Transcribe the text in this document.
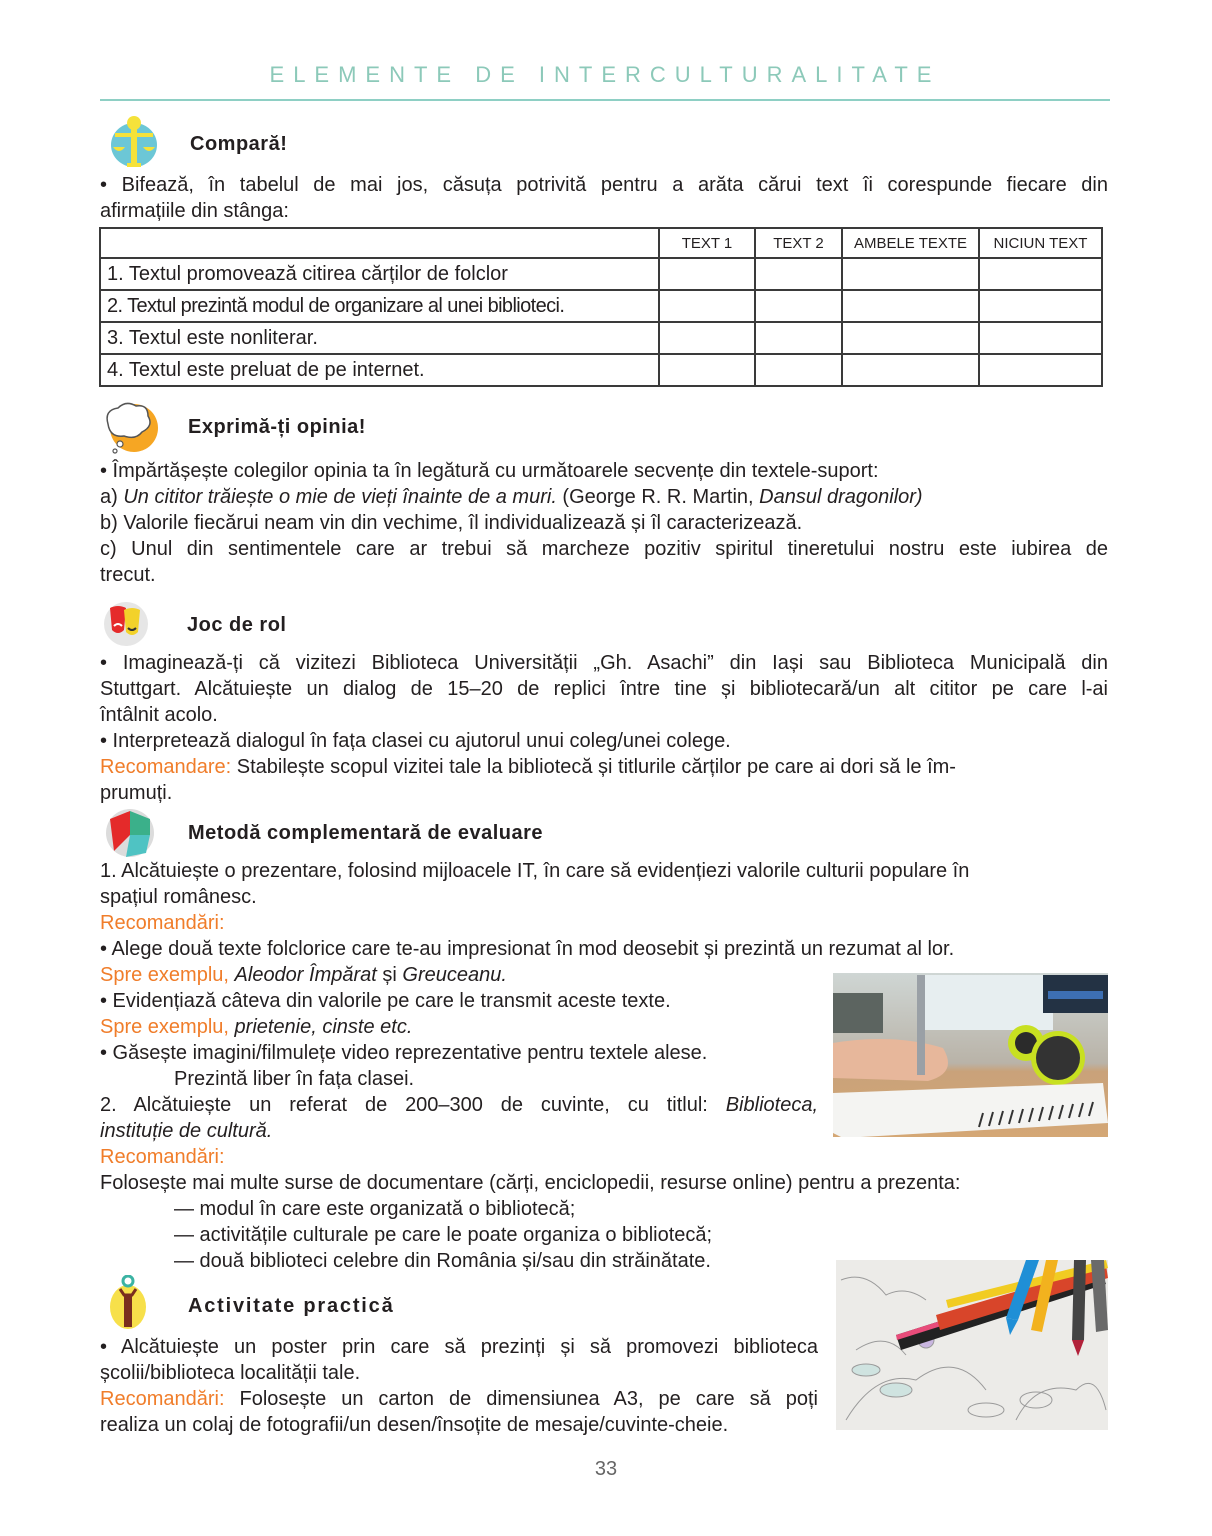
ELEMENTE DE INTERCULTURALITATE
Compară!
• Bifează, în tabelul de mai jos, căsuța potrivită pentru a arăta cărui text îi corespunde fiecare din
afirmațiile din stânga:
	TEXT 1	TEXT 2	AMBELE TEXTE	NICIUN TEXT
1. Textul promovează citirea cărților de folclor				
2. Textul prezintă modul de organizare al unei biblioteci.				
3. Textul este nonliterar.				
4. Textul este preluat de pe internet.				
Exprimă-ți opinia!
• Împărtășește colegilor opinia ta în legătură cu următoarele secvențe din textele-suport:
a) Un cititor trăiește o mie de vieți înainte de a muri. (George R. R. Martin, Dansul dragonilor)
b) Valorile fiecărui neam vin din vechime, îl individualizează și îl caracterizează.
c) Unul din sentimentele care ar trebui să marcheze pozitiv spiritul tineretului nostru este iubirea de
trecut.
Joc de rol
• Imaginează-ți că vizitezi Biblioteca Universității „Gh. Asachi” din Iași sau Biblioteca Municipală din
Stuttgart. Alcătuiește un dialog de 15–20 de replici între tine și bibliotecară/un alt cititor pe care l-ai
întâlnit acolo.
• Interpretează dialogul în fața clasei cu ajutorul unui coleg/unei colege.
Recomandare: Stabilește scopul vizitei tale la bibliotecă și titlurile cărților pe care ai dori să le îm-
prumuți.
Metodă complementară de evaluare
1. Alcătuiește o prezentare, folosind mijloacele IT, în care să evidențiezi valorile culturii populare în
spațiul românesc.
Recomandări:
• Alege două texte folclorice care te-au impresionat în mod deosebit și prezintă un rezumat al lor.
Spre exemplu, Aleodor Împărat și Greuceanu.
• Evidențiază câteva din valorile pe care le transmit aceste texte.
Spre exemplu, prietenie, cinste etc.
• Găsește imagini/filmulețe video reprezentative pentru textele alese.
Prezintă liber în fața clasei.
2. Alcătuiește un referat de 200–300 de cuvinte, cu titlul: Biblioteca,
instituție de cultură.
Recomandări:
Folosește mai multe surse de documentare (cărți, enciclopedii, resurse online) pentru a prezenta:
— modul în care este organizată o bibliotecă;
— activitățile culturale pe care le poate organiza o bibliotecă;
— două biblioteci celebre din România și/sau din străinătate.
Activitate practică
• Alcătuiește un poster prin care să prezinți și să promovezi biblioteca
școlii/biblioteca localității tale.
Recomandări: Folosește un carton de dimensiunea A3, pe care să poți
realiza un colaj de fotografii/un desen/însoțite de mesaje/cuvinte-cheie.
33
